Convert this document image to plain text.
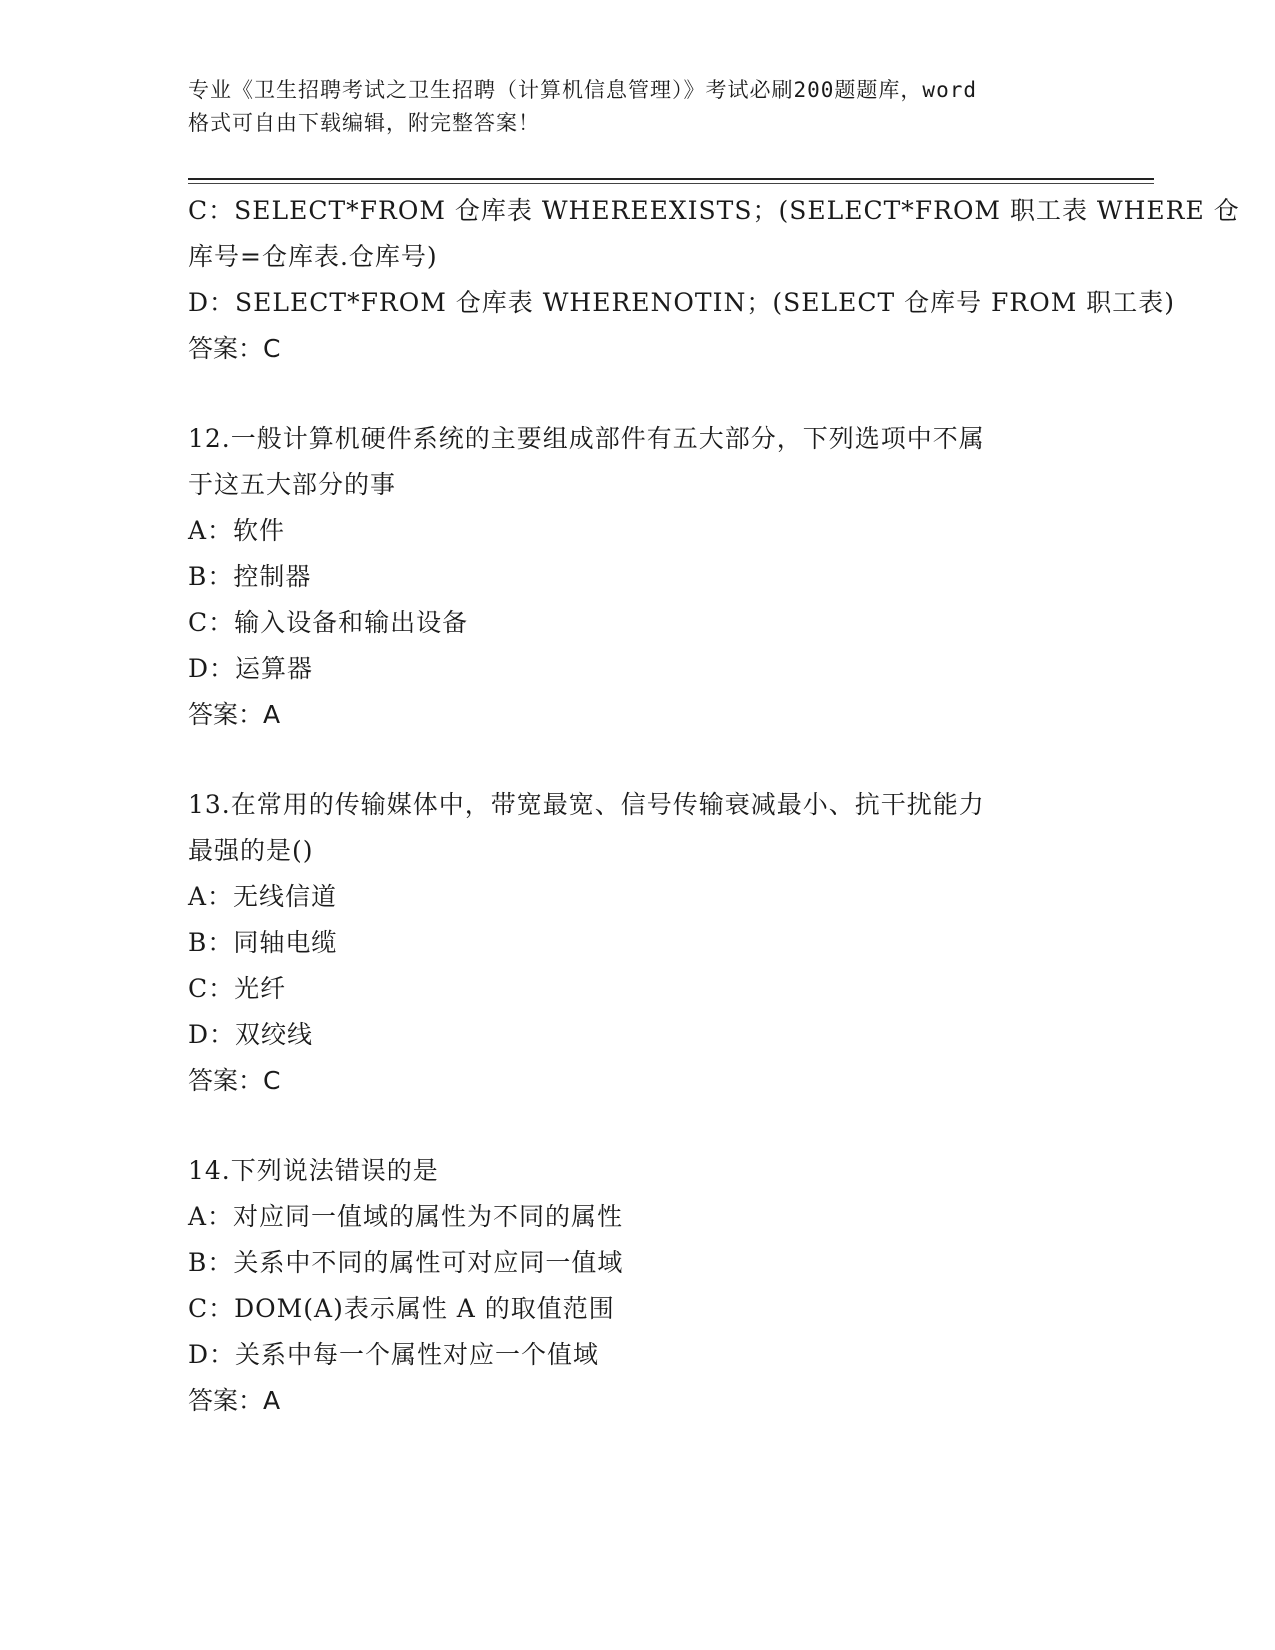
专业《卫生招聘考试之卫生招聘（计算机信息管理）》考试必刷200题题库，word
格式可自由下载编辑，附完整答案！
C：SELECT*FROM 仓库表 WHEREEXISTS；(SELECT*FROM 职工表 WHERE 仓
库号=仓库表.仓库号)
D：SELECT*FROM 仓库表 WHERENOTIN；(SELECT 仓库号 FROM 职工表)
答案：C
12.一般计算机硬件系统的主要组成部件有五大部分，下列选项中不属
于这五大部分的事
A：软件
B：控制器
C：输入设备和输出设备
D：运算器
答案：A
13.在常用的传输媒体中，带宽最宽、信号传输衰减最小、抗干扰能力
最强的是()
A：无线信道
B：同轴电缆
C：光纤
D：双绞线
答案：C
14.下列说法错误的是
A：对应同一值域的属性为不同的属性
B：关系中不同的属性可对应同一值域
C：DOM(A)表示属性 A 的取值范围
D：关系中每一个属性对应一个值域
答案：A
